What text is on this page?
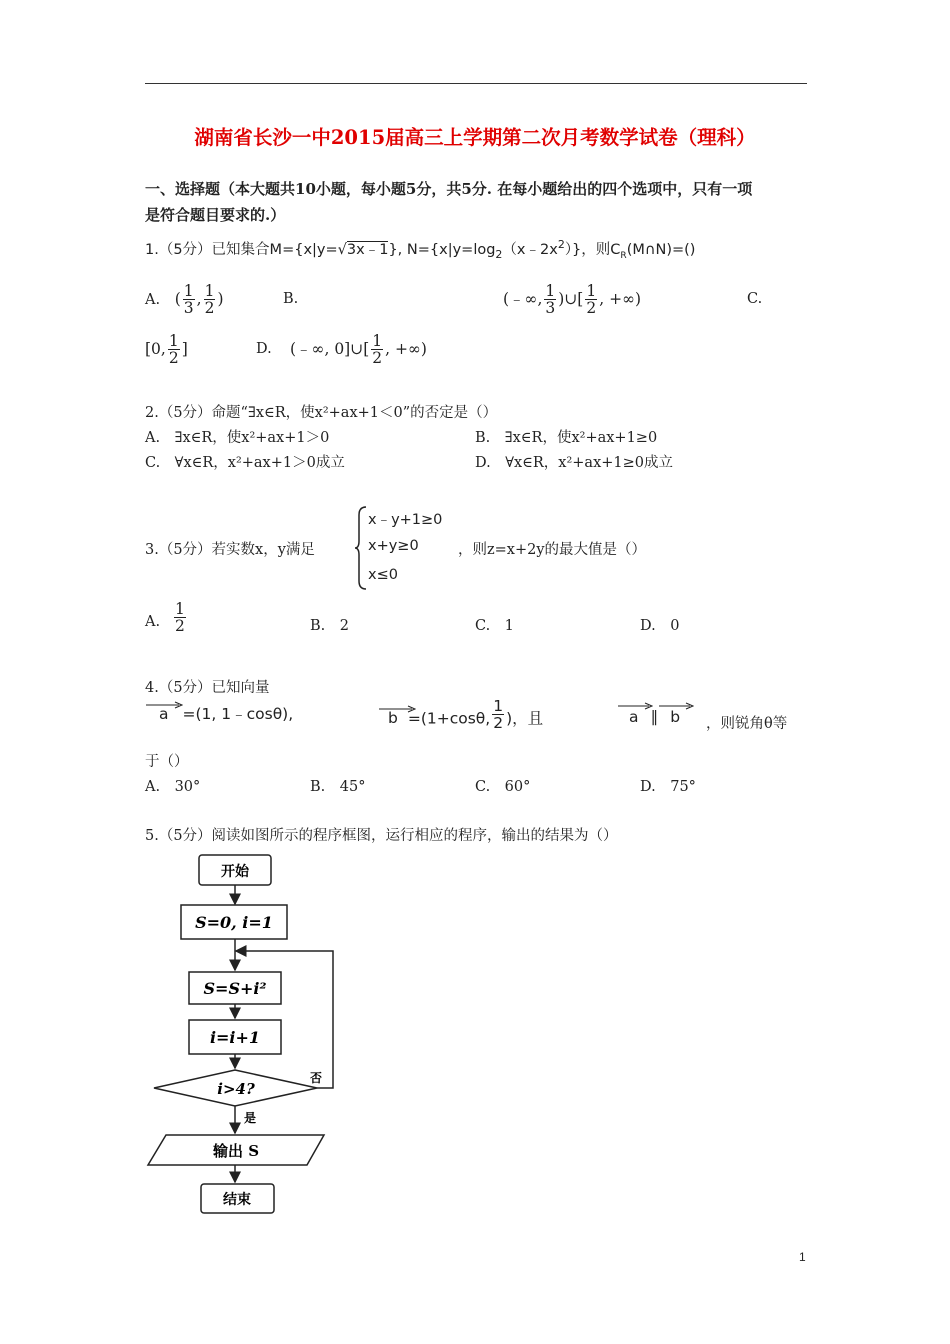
湖南省长沙一中2015届高三上学期第二次月考数学试卷（理科）
一、选择题（本大题共10小题，每小题5分，共5分. 在每小题给出的四个选项中，只有一项
是符合题目要求的.）
1.（5分）已知集合M={x|y=√3x﹣1}, $N=\{x|y=\log_2(x﹣2x^2)\}$，则$C_R(M\cap N)=()$
A. ( $\frac{1}{3}$ , $\frac{1}{2}$ )	B.	(﹣∞, $\frac{1}{3}$ )∪[ $\frac{1}{2}$ , +∞)	C.
[0, $\frac{1}{2}$ ]	D. (﹣∞, 0]∪[ $\frac{1}{2}$ , +∞)
2.（5分）命题“∃x∈R，使x²+ax+1＜0”的否定是（）
A.　∃x∈R，使x²+ax+1＞0	B.　∃x∈R，使x²+ax+1≥0
C.　∀x∈R，x²+ax+1＞0成立	D.　∀x∈R，x²+ax+1≥0成立
3.（5分）若实数x，y满足
x﹣y+1≥0
x+y≥0
x≤0
，则z=x+2y的最大值是（）
A. $\frac{1}{2}$	B.　2	C.　1	D.　0
4.（5分）已知向量
a =(1, 1﹣cosθ),	b =(1+cosθ, $\frac{1}{2}$ )，且	a ∥ b	，则锐角θ等
于（）
A.　30°	B.　45°	C.　60°	D.　75°
5.（5分）阅读如图所示的程序框图，运行相应的程序，输出的结果为（）
开始
S=0, i=1
S=S+i²
i=i+1
i>4?
否
是
输出 S
结束
1
